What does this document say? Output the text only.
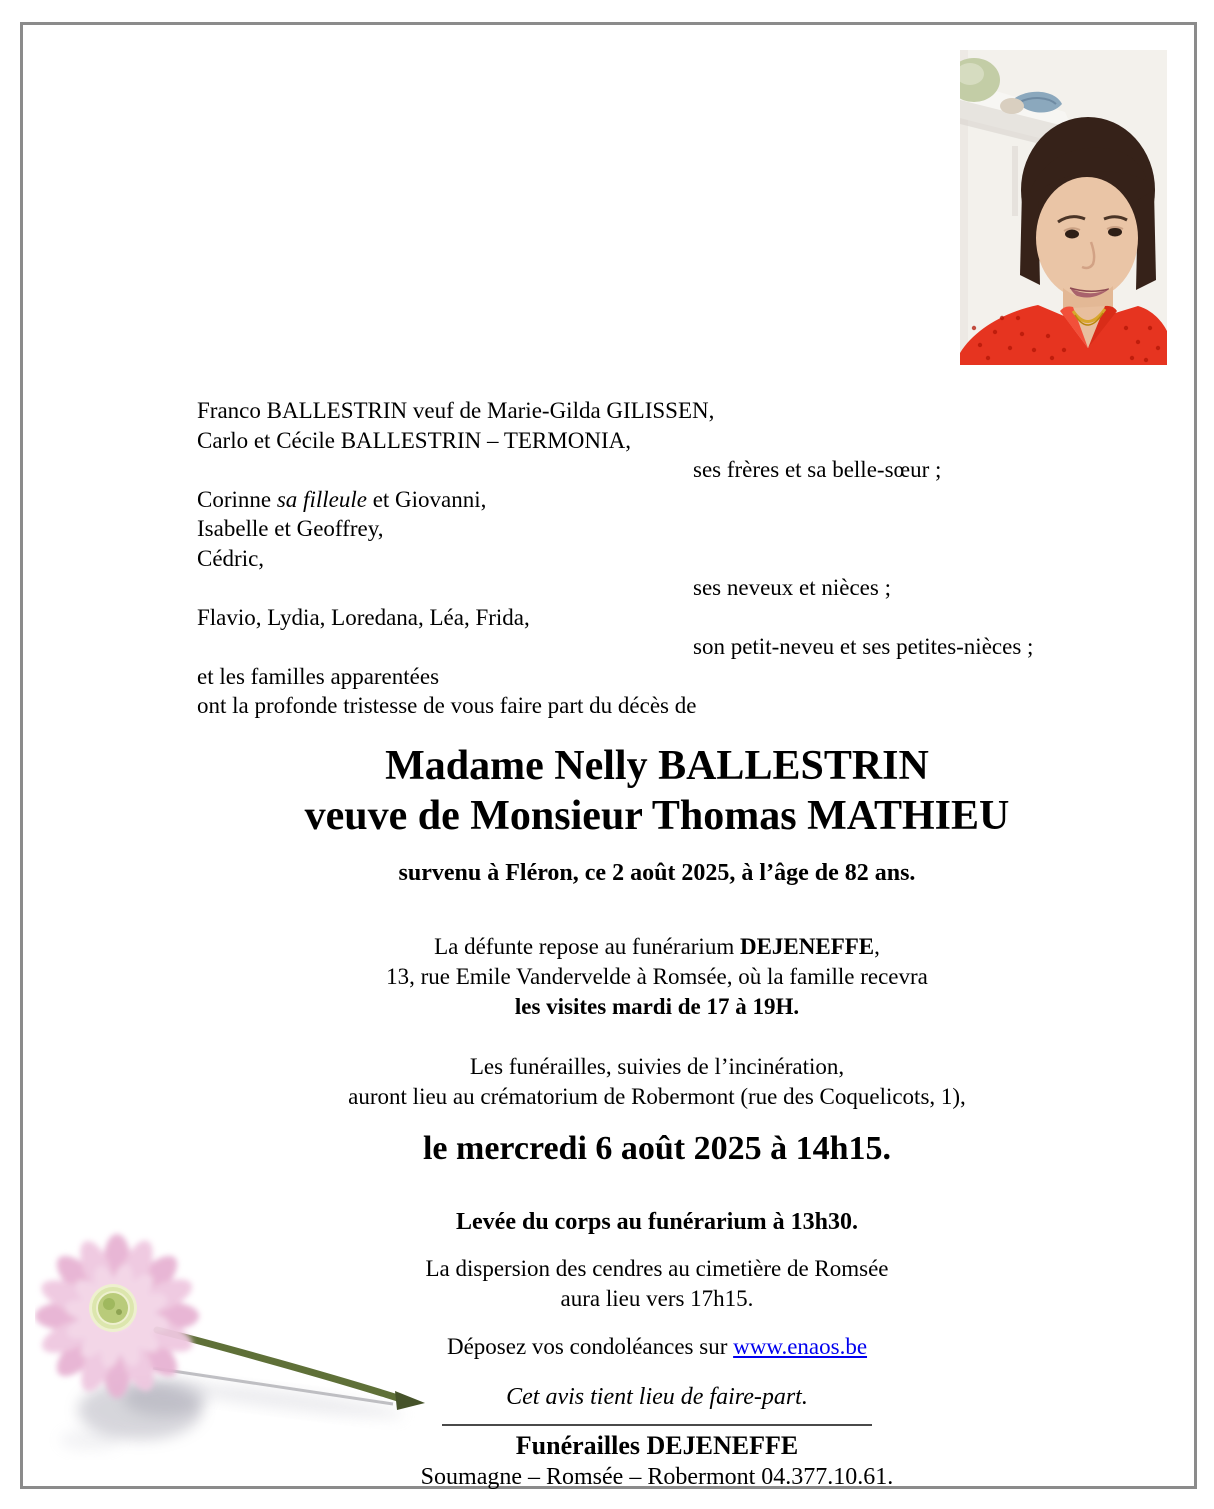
Franco BALLESTRIN veuf de Marie-Gilda GILISSEN,
Carlo et Cécile BALLESTRIN – TERMONIA,
ses frères et sa belle-sœur ;
Corinne sa filleule et Giovanni,
Isabelle et Geoffrey,
Cédric,
ses neveux et nièces ;
Flavio, Lydia, Loredana, Léa, Frida,
son petit-neveu et ses petites-nièces ;
et les familles apparentées
ont la profonde tristesse de vous faire part du décès de
Madame Nelly BALLESTRIN
veuve de Monsieur Thomas MATHIEU
survenu à Fléron, ce 2 août 2025, à l’âge de 82 ans.
La défunte repose au funérarium DEJENEFFE,
13, rue Emile Vandervelde à Romsée, où la famille recevra
les visites mardi de 17 à 19H.
Les funérailles, suivies de l’incinération,
auront lieu au crématorium de Robermont (rue des Coquelicots, 1),
le mercredi 6 août 2025 à 14h15.
Levée du corps au funérarium à 13h30.
La dispersion des cendres au cimetière de Romsée
aura lieu vers 17h15.
Déposez vos condoléances sur www.enaos.be
Cet avis tient lieu de faire-part.
Funérailles DEJENEFFE
Soumagne – Romsée – Robermont 04.377.10.61.
